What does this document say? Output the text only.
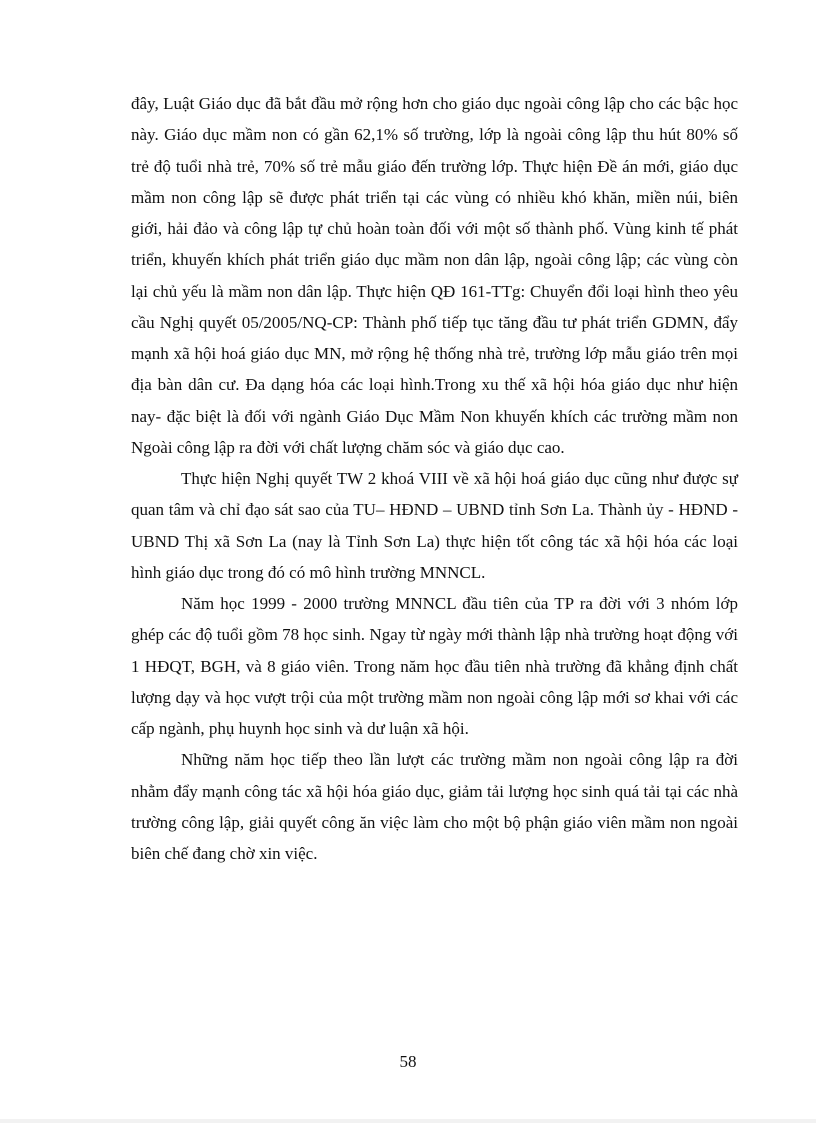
đây, Luật Giáo dục đã bắt đầu mở rộng hơn cho giáo dục ngoài công lập cho các bậc học này. Giáo dục mầm non có gần 62,1% số trường, lớp là ngoài công lập thu hút 80% số trẻ độ tuổi nhà trẻ, 70% số trẻ mẫu giáo đến trường lớp. Thực hiện Đề án mới, giáo dục mầm non công lập sẽ được phát triển tại các vùng có nhiều khó khăn, miền núi, biên giới, hải đảo và công lập tự chủ hoàn toàn đối với một số thành phố. Vùng kinh tế phát triển, khuyến khích phát triển giáo dục mầm non dân lập, ngoài công lập; các vùng còn lại chủ yếu là mầm non dân lập. Thực hiện QĐ 161-TTg: Chuyển đổi loại hình theo yêu cầu Nghị quyết 05/2005/NQ-CP: Thành phố tiếp tục tăng đầu tư phát triển GDMN, đẩy mạnh xã hội hoá giáo dục MN, mở rộng hệ thống nhà trẻ, trường lớp mẫu giáo trên mọi địa bàn dân cư. Đa dạng hóa các loại hình.Trong xu thế xã hội hóa giáo dục như hiện nay- đặc biệt là đối với ngành Giáo Dục Mầm Non khuyến khích các trường mầm non Ngoài công lập ra đời với chất lượng chăm sóc và giáo dục cao.

Thực hiện Nghị quyết TW 2 khoá VIII về xã hội hoá giáo dục cũng như được sự quan tâm và chỉ đạo sát sao của TU– HĐND – UBND tỉnh Sơn La. Thành ủy - HĐND - UBND Thị xã Sơn La (nay là Tỉnh Sơn La) thực hiện tốt công tác xã hội hóa các loại hình giáo dục trong đó có mô hình trường MNNCL.

Năm học 1999 - 2000 trường MNNCL đầu tiên của TP ra đời với 3 nhóm lớp ghép các độ tuổi gồm 78 học sinh. Ngay từ ngày mới thành lập nhà trường hoạt động với 1 HĐQT, BGH, và 8 giáo viên. Trong năm học đầu tiên nhà trường đã khẳng định chất lượng dạy và học vượt trội của một trường mầm non ngoài công lập mới sơ khai với các cấp ngành, phụ huynh học sinh và dư luận xã hội.

Những năm học tiếp theo lần lượt các trường mầm non ngoài công lập ra đời nhằm đẩy mạnh công tác xã hội hóa giáo dục, giảm tải lượng học sinh quá tải tại các nhà trường công lập, giải quyết công ăn việc làm cho một bộ phận giáo viên mầm non ngoài biên chế đang chờ xin việc.

58
